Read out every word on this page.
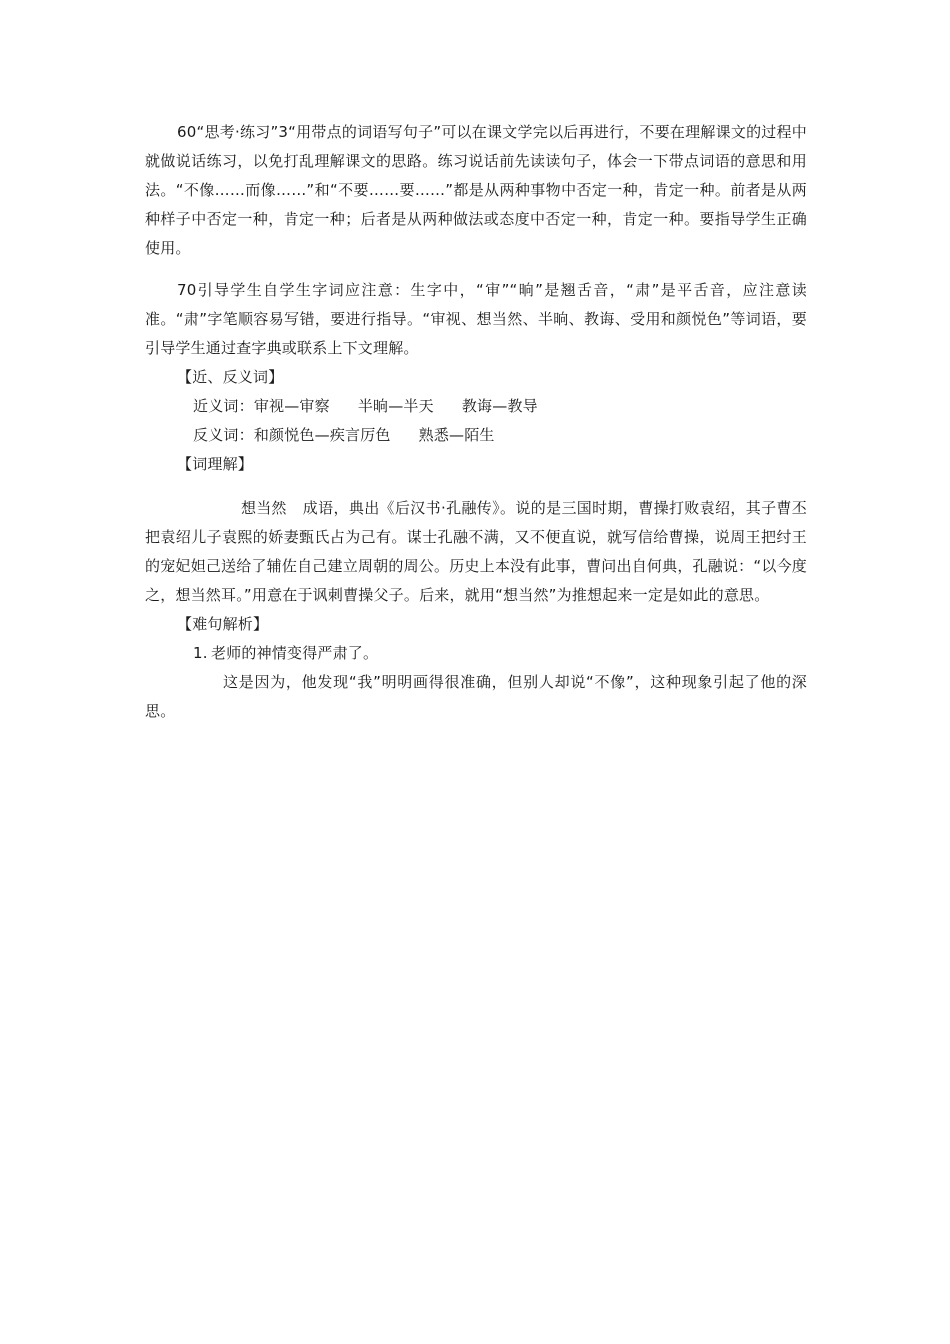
60“思考·练习”3“用带点的词语写句子”可以在课文学完以后再进行，不要在理解课文的过程中就做说话练习，以免打乱理解课文的思路。练习说话前先读读句子，体会一下带点词语的意思和用法。“不像……而像……”和“不要……要……”都是从两种事物中否定一种，肯定一种。前者是从两种样子中否定一种，肯定一种；后者是从两种做法或态度中否定一种，肯定一种。要指导学生正确使用。

70引导学生自学生字词应注意：生字中，“审”“晌”是翘舌音，“肃”是平舌音，应注意读准。“肃”字笔顺容易写错，要进行指导。“审视、想当然、半晌、教诲、受用和颜悦色”等词语，要引导学生通过查字典或联系上下文理解。

【近、反义词】

近义词：审视—审察 半晌—半天 教诲—教导

反义词：和颜悦色—疾言厉色 熟悉—陌生

【词理解】

想当然 成语，典出《后汉书·孔融传》。说的是三国时期，曹操打败袁绍，其子曹丕把袁绍儿子袁熙的娇妻甄氏占为己有。谋士孔融不满，又不便直说，就写信给曹操，说周王把纣王的宠妃妲己送给了辅佐自己建立周朝的周公。历史上本没有此事，曹问出自何典，孔融说：“以今度之，想当然耳。”用意在于讽刺曹操父子。后来，就用“想当然”为推想起来一定是如此的意思。

【难句解析】

1. 老师的神情变得严肃了。

这是因为，他发现“我”明明画得很准确，但别人却说“不像”，这种现象引起了他的深思。
